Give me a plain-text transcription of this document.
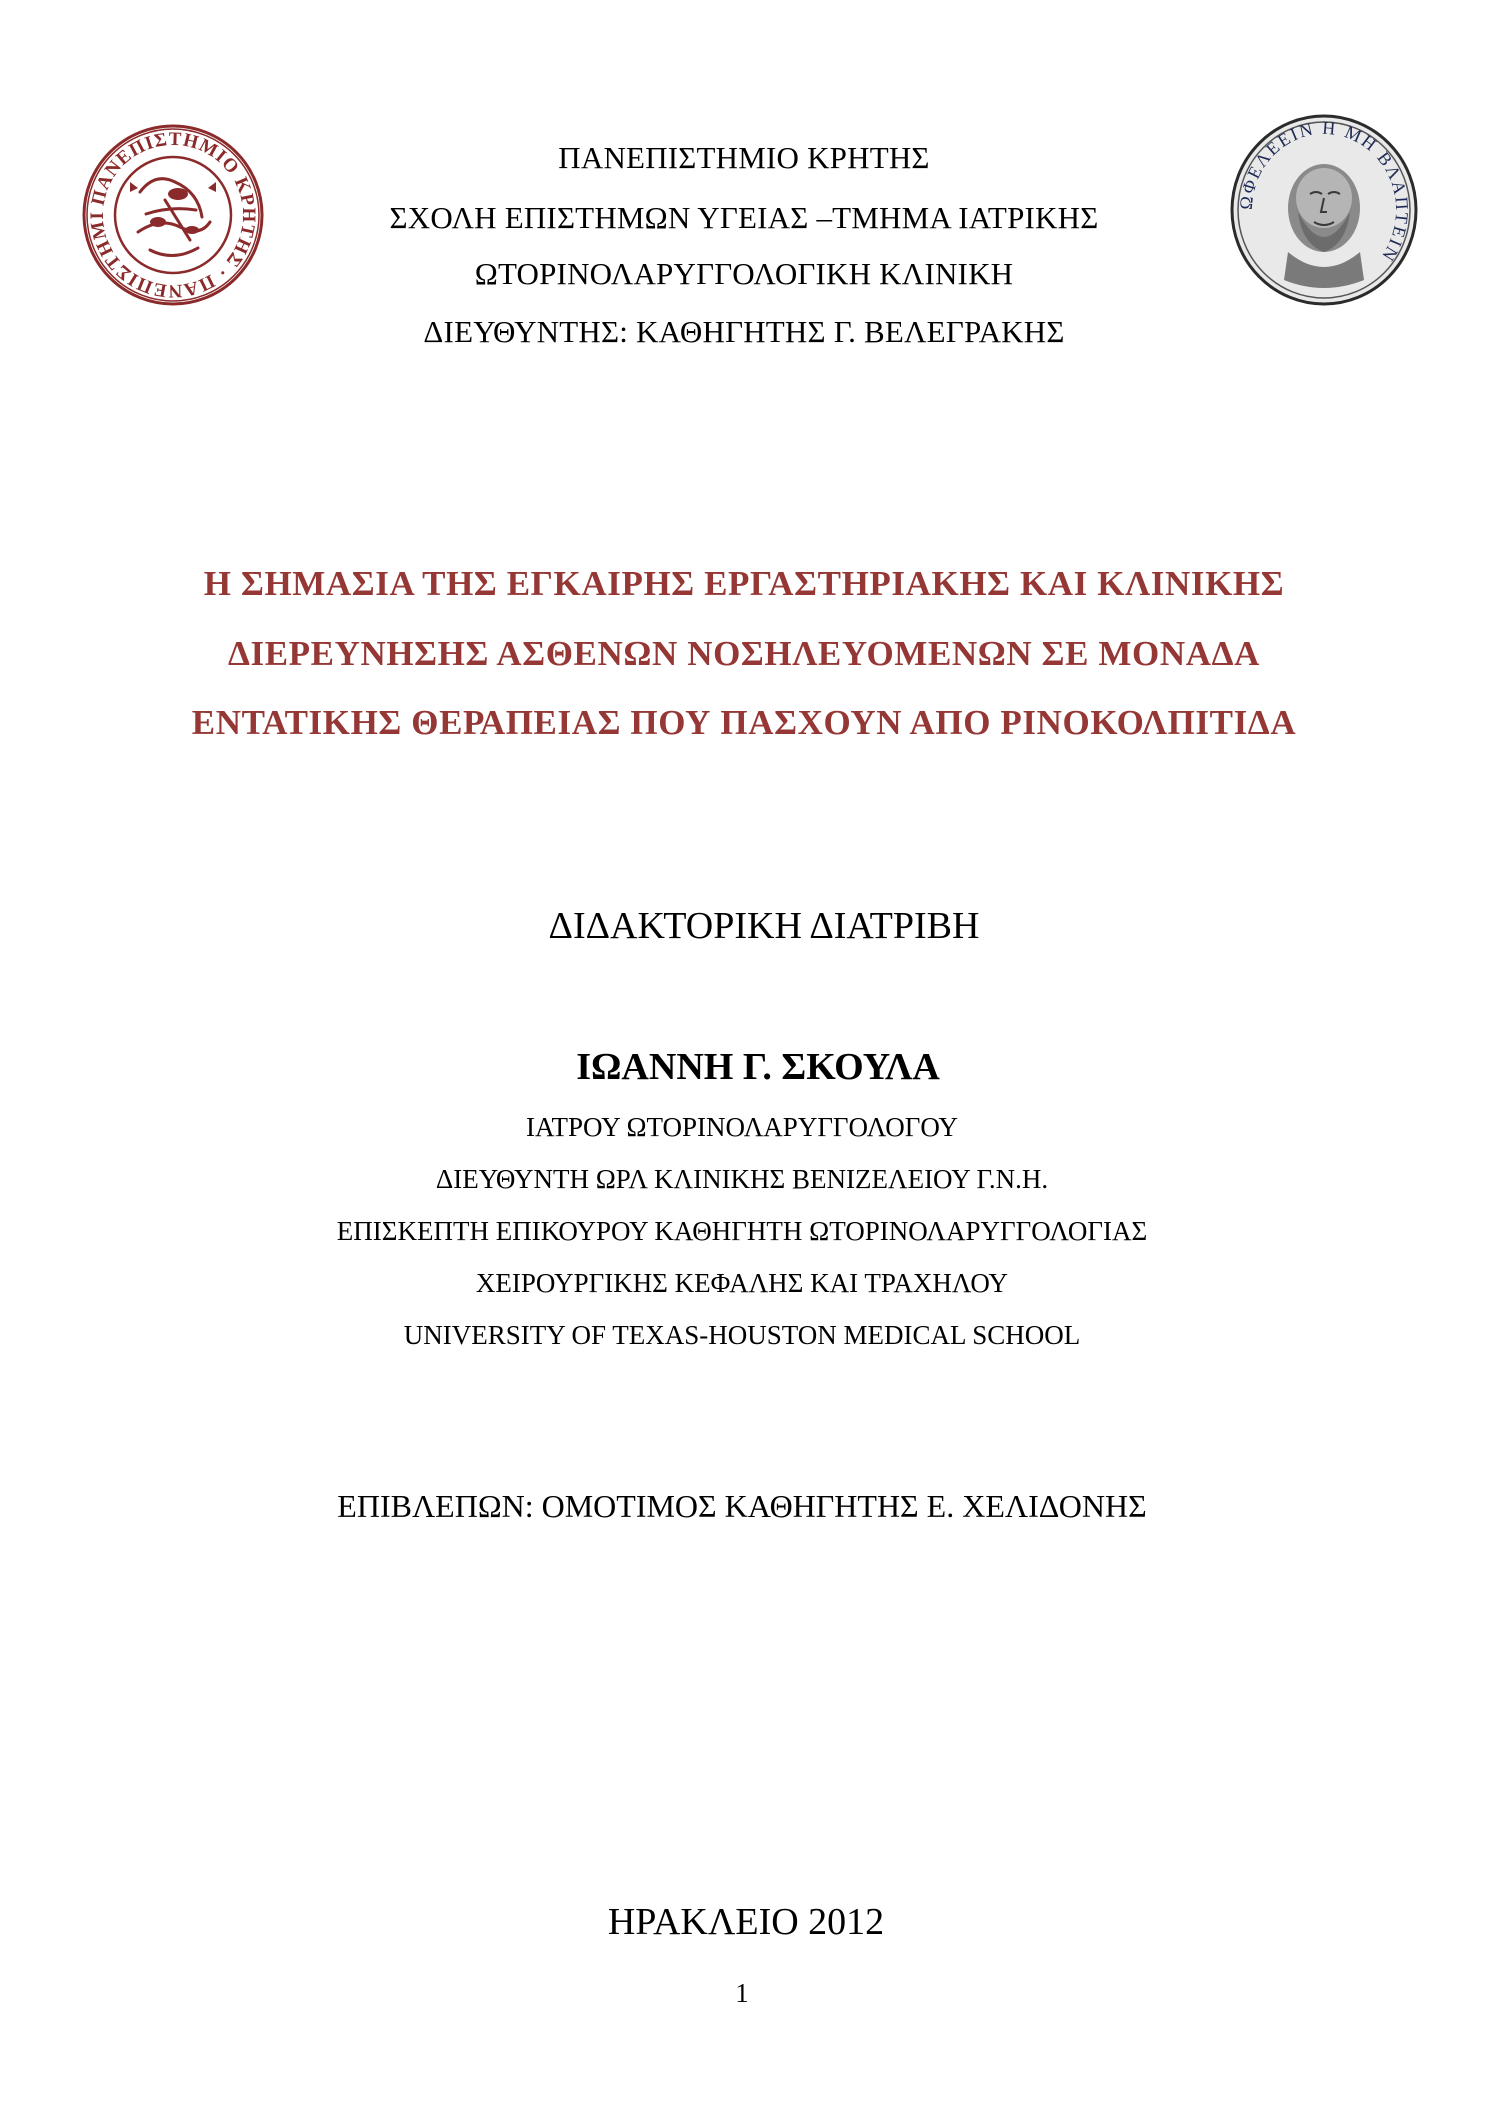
ΠΑΝΕΠΙΣΤΗΜΙΟ ΚΡΗΤΗΣ · ΠΑΝΕΠΙΣΤΗΜΙ
ΩΦΕΛΕΕΙΝ Η ΜΗ ΒΛΑΠΤΕΙΝ
ΠΑΝΕΠΙΣΤΗΜΙΟ ΚΡΗΤΗΣ
ΣΧΟΛΗ ΕΠΙΣΤΗΜΩΝ ΥΓΕΙΑΣ –ΤΜΗΜΑ ΙΑΤΡΙΚΗΣ
ΩΤΟΡΙΝΟΛΑΡΥΓΓΟΛΟΓΙΚΗ ΚΛΙΝΙΚΗ
ΔΙΕΥΘΥΝΤΗΣ: ΚΑΘΗΓΗΤΗΣ Γ. ΒΕΛΕΓΡΑΚΗΣ
Η ΣΗΜΑΣΙΑ ΤΗΣ ΕΓΚΑΙΡΗΣ ΕΡΓΑΣΤΗΡΙΑΚΗΣ ΚΑΙ ΚΛΙΝΙΚΗΣ
ΔΙΕΡΕΥΝΗΣΗΣ ΑΣΘΕΝΩΝ ΝΟΣΗΛΕΥΟΜΕΝΩΝ ΣΕ ΜΟΝΑΔΑ
ΕΝΤΑΤΙΚΗΣ ΘΕΡΑΠΕΙΑΣ ΠΟΥ ΠΑΣΧΟΥΝ ΑΠΟ ΡΙΝΟΚΟΛΠΙΤΙΔΑ
ΔΙΔΑΚΤΟΡΙΚΗ ΔΙΑΤΡΙΒΗ
ΙΩΑΝΝΗ Γ. ΣΚΟΥΛΑ
ΙΑΤΡΟΥ ΩΤΟΡΙΝΟΛΑΡΥΓΓΟΛΟΓΟΥ
ΔΙΕΥΘΥΝΤΗ ΩΡΛ ΚΛΙΝΙΚΗΣ ΒΕΝΙΖΕΛΕΙΟΥ Γ.Ν.Η.
ΕΠΙΣΚΕΠΤΗ ΕΠΙΚΟΥΡΟΥ ΚΑΘΗΓΗΤΗ ΩΤΟΡΙΝΟΛΑΡΥΓΓΟΛΟΓΙΑΣ
ΧΕΙΡΟΥΡΓΙΚΗΣ ΚΕΦΑΛΗΣ ΚΑΙ ΤΡΑΧΗΛΟΥ
UNIVERSITY OF TEXAS-HOUSTON MEDICAL SCHOOL
ΕΠΙΒΛΕΠΩΝ: ΟΜΟΤΙΜΟΣ ΚΑΘΗΓΗΤΗΣ Ε. ΧΕΛΙΔΟΝΗΣ
ΗΡΑΚΛΕΙΟ 2012
1
